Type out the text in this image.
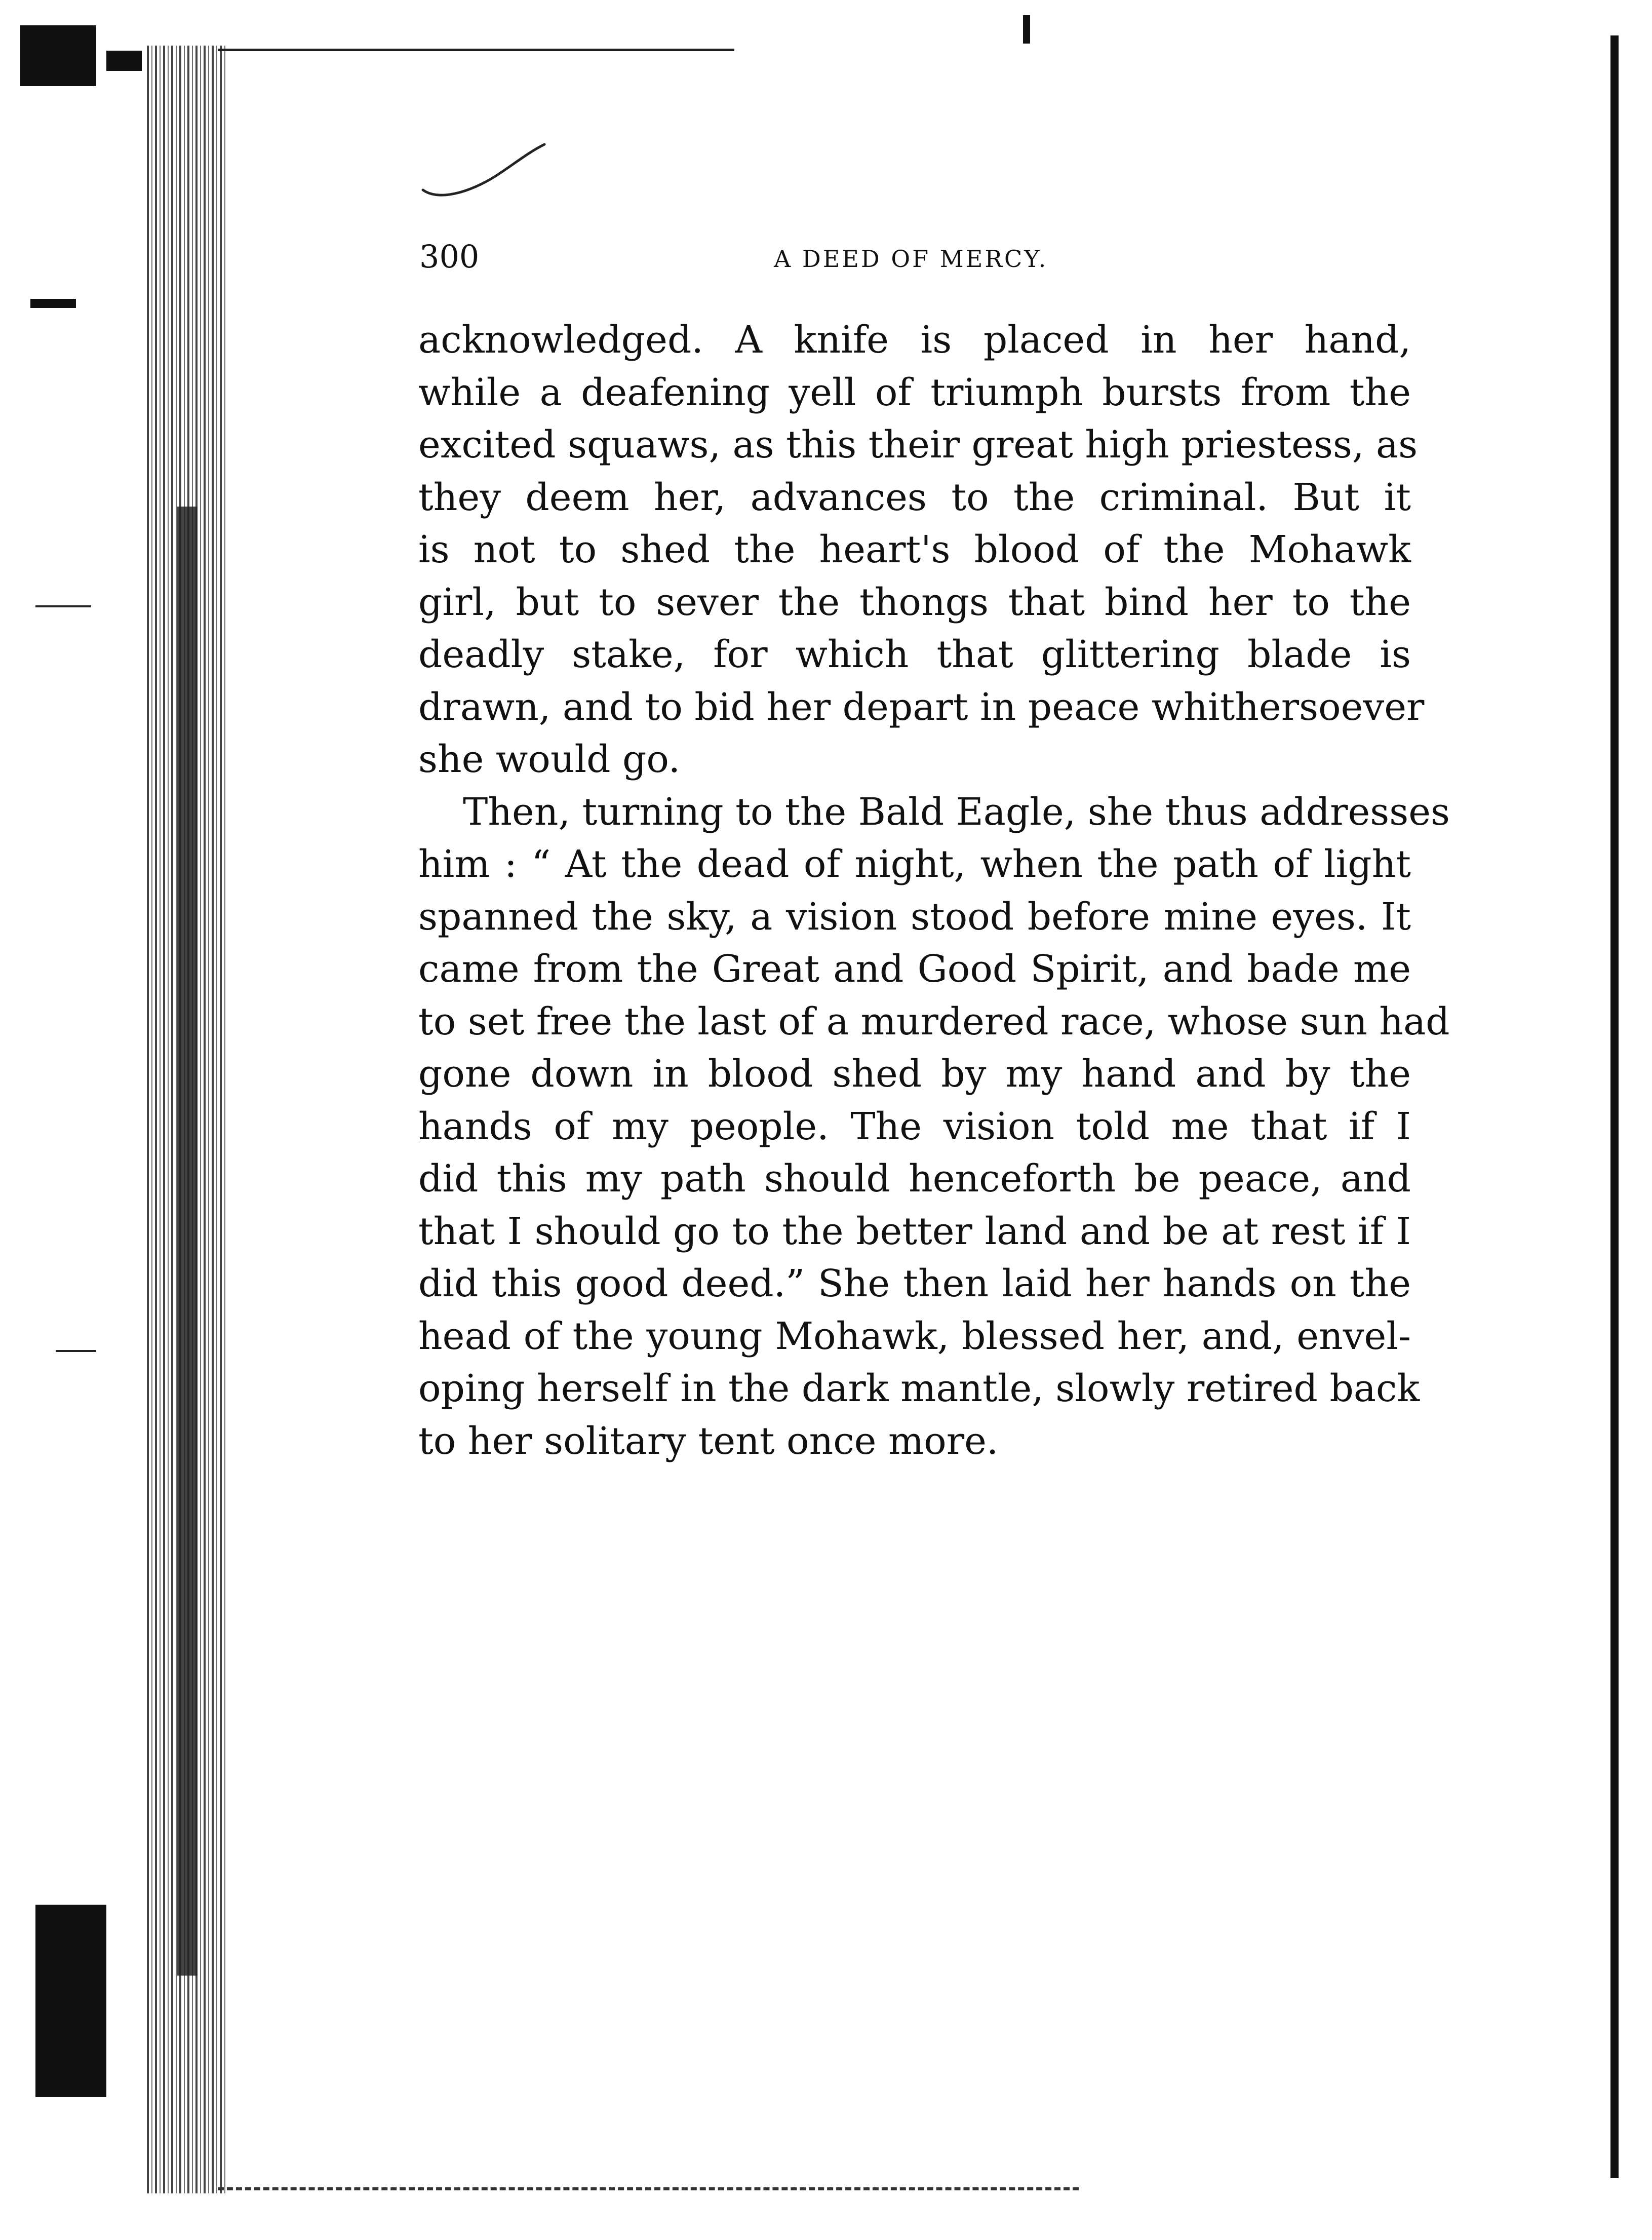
300	A DEED OF MERCY.
acknowledged. A knife is placed in her hand,
while a deafening yell of triumph bursts from the
excited squaws, as this their great high priestess, as
they deem her, advances to the criminal. But it
is not to shed the heart's blood of the Mohawk
girl, but to sever the thongs that bind her to the
deadly stake, for which that glittering blade is
drawn, and to bid her depart in peace whithersoever
she would go.
Then, turning to the Bald Eagle, she thus addresses
him : “ At the dead of night, when the path of light
spanned the sky, a vision stood before mine eyes. It
came from the Great and Good Spirit, and bade me
to set free the last of a murdered race, whose sun had
gone down in blood shed by my hand and by the
hands of my people. The vision told me that if I
did this my path should henceforth be peace, and
that I should go to the better land and be at rest if I
did this good deed.” She then laid her hands on the
head of the young Mohawk, blessed her, and, envel-
oping herself in the dark mantle, slowly retired back
to her solitary tent once more.
